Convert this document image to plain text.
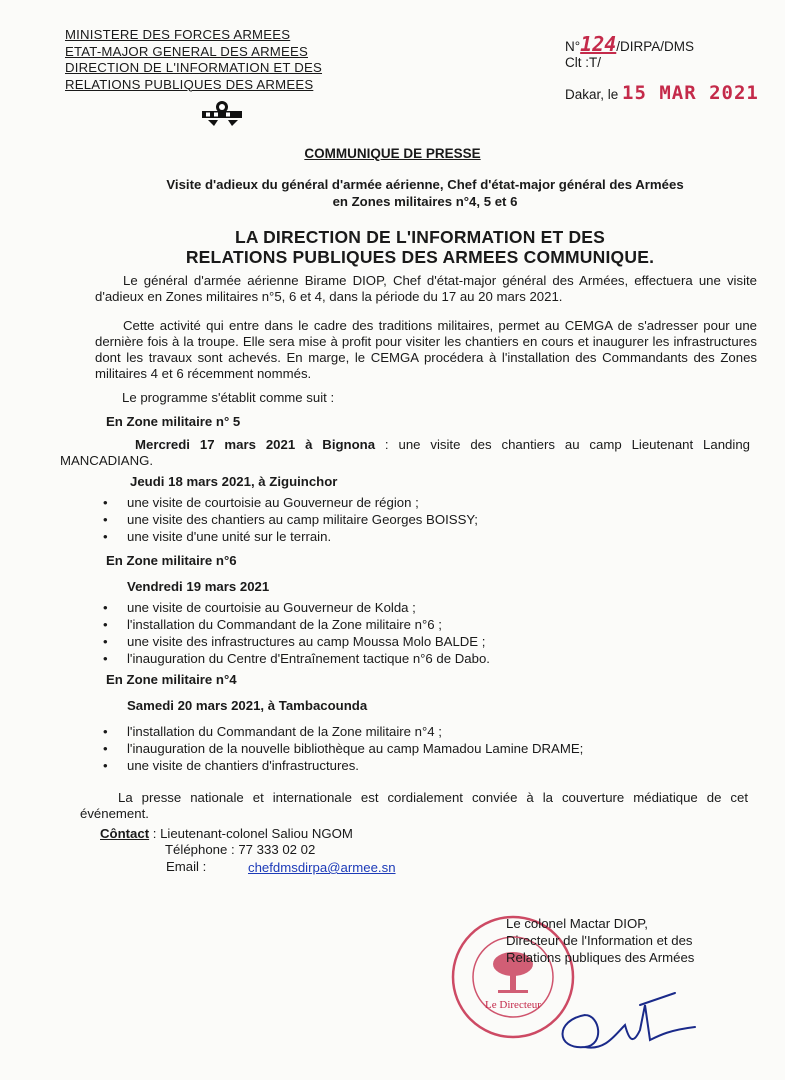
MINISTERE DES FORCES ARMEES
ETAT-MAJOR GENERAL DES ARMEES
DIRECTION DE L'INFORMATION ET DES
RELATIONS PUBLIQUES DES ARMEES
N°124/DIRPA/DMS
Clt :T/
Dakar, le 15 MAR 2021
COMMUNIQUE DE PRESSE
Visite d'adieux du général d'armée aérienne, Chef d'état-major général des Armées
en Zones militaires n°4, 5 et 6
LA DIRECTION DE L'INFORMATION ET DES
RELATIONS PUBLIQUES DES ARMEES COMMUNIQUE.
Le général d'armée aérienne Birame DIOP, Chef d'état-major général des Armées, effectuera une visite d'adieux en Zones militaires n°5, 6 et 4, dans la période du 17 au 20 mars 2021.
Cette activité qui entre dans le cadre des traditions militaires, permet au CEMGA de s'adresser pour une dernière fois à la troupe. Elle sera mise à profit pour visiter les chantiers en cours et inaugurer les infrastructures dont les travaux sont achevés. En marge, le CEMGA procédera à l'installation des Commandants des Zones militaires 4 et 6 récemment nommés.
Le programme s'établit comme suit :
En Zone militaire n° 5
Mercredi 17 mars 2021 à Bignona : une visite des chantiers au camp Lieutenant Landing MANCADIANG.
Jeudi 18 mars 2021, à Ziguinchor
• une visite de courtoisie au Gouverneur de région ;
• une visite des chantiers au camp militaire Georges BOISSY;
• une visite d'une unité sur le terrain.
En Zone militaire n°6
Vendredi 19 mars 2021
• une visite de courtoisie au Gouverneur de Kolda ;
• l'installation du Commandant de la Zone militaire n°6 ;
• une visite des infrastructures au camp Moussa Molo BALDE ;
• l'inauguration du Centre d'Entraînement tactique n°6 de Dabo.
En Zone militaire n°4
Samedi 20 mars 2021, à Tambacounda
• l'installation du Commandant de la Zone militaire n°4 ;
• l'inauguration de la nouvelle bibliothèque au camp Mamadou Lamine DRAME;
• une visite de chantiers d'infrastructures.
La presse nationale et internationale est cordialement conviée à la couverture médiatique de cet événement.
Côntact : Lieutenant-colonel Saliou NGOM
Téléphone : 77 333 02 02
Email :	chefdmsdirpa@armee.sn
Le Directeur
Le colonel Mactar DIOP,
Directeur de l'Information et des
Relations publiques des Armées
